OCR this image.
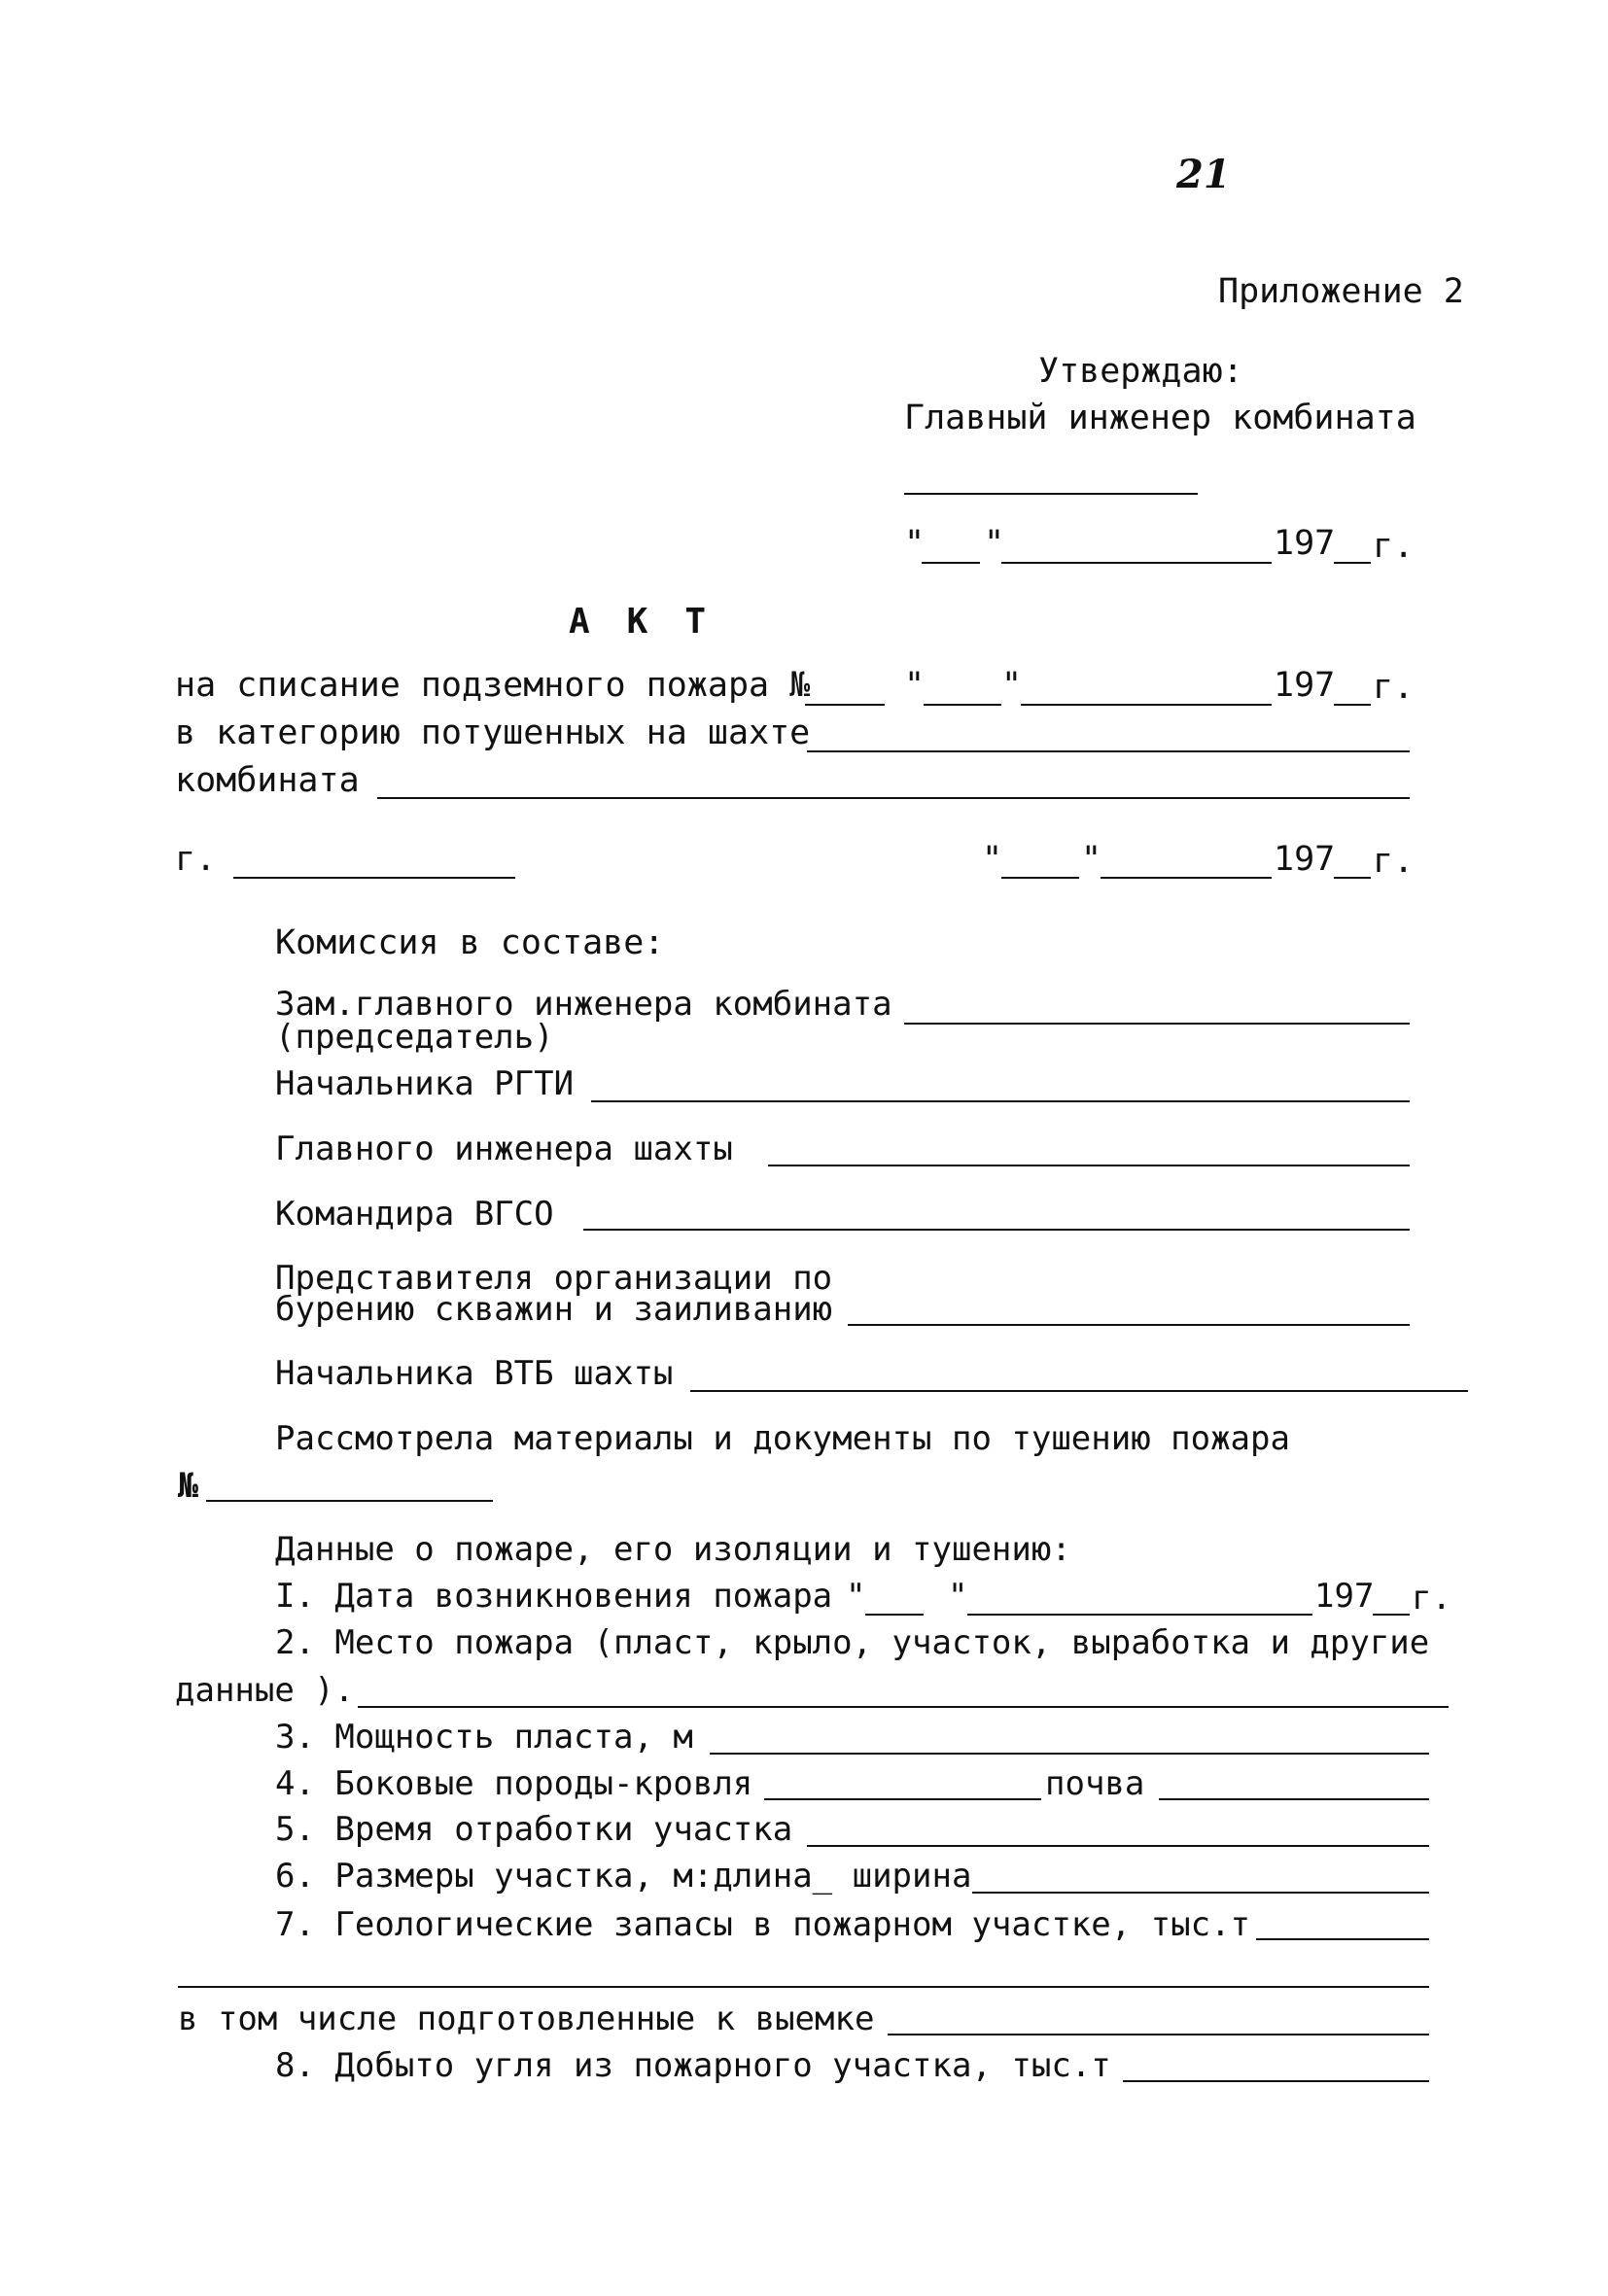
21
Приложение 2
Утверждаю:
Главный инженер комбината
" "	197 г.
АКТ
на списание подземного пожара №	" "	197 г.
в категорию потушенных на шахте
комбината
г.	" "	197 г.
Комиссия в составе:
Зам.главного инженера комбината
(председатель)
Начальника РГТИ
Главного инженера шахты
Командира ВГСО
Представителя организации по
бурению скважин и заиливанию
Начальника ВТБ шахты
Рассмотрела материалы и документы по тушению пожара
№
Данные о пожаре, его изоляции и тушению:
I. Дата возникновения пожара " "	197 г.
2. Место пожара (пласт, крыло, участок, выработка и другие
данные ).
3. Мощность пласта, м
4. Боковые породы-кровля	почва
5. Время отработки участка
6. Размеры участка, м:длина_ ширина
7. Геологические запасы в пожарном участке, тыс.т
в том числе подготовленные к выемке
8. Добыто угля из пожарного участка, тыс.т
